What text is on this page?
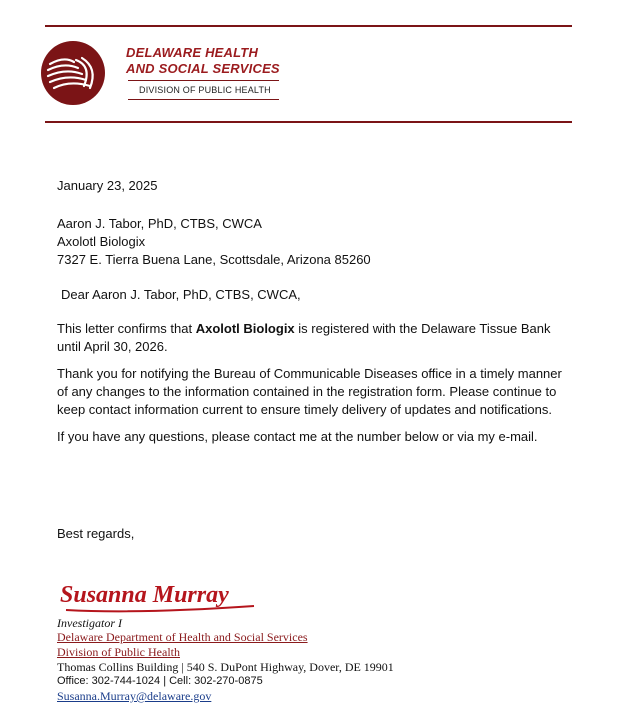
DELAWARE HEALTH
AND SOCIAL SERVICES
DIVISION OF PUBLIC HEALTH
January 23, 2025
Aaron J. Tabor, PhD, CTBS, CWCA
Axolotl Biologix
7327 E. Tierra Buena Lane, Scottsdale, Arizona 85260
Dear Aaron J. Tabor, PhD, CTBS, CWCA,
This letter confirms that Axolotl Biologix is registered with the Delaware Tissue Bank
until April 30, 2026.
Thank you for notifying the Bureau of Communicable Diseases office in a timely manner
of any changes to the information contained in the registration form. Please continue to
keep contact information current to ensure timely delivery of updates and notifications.
If you have any questions, please contact me at the number below or via my e-mail.
Best regards,
Susanna Murray
Investigator I
Delaware Department of Health and Social Services
Division of Public Health
Thomas Collins Building | 540 S. DuPont Highway, Dover, DE 19901
Office: 302-744-1024 | Cell: 302-270-0875
Susanna.Murray@delaware.gov
